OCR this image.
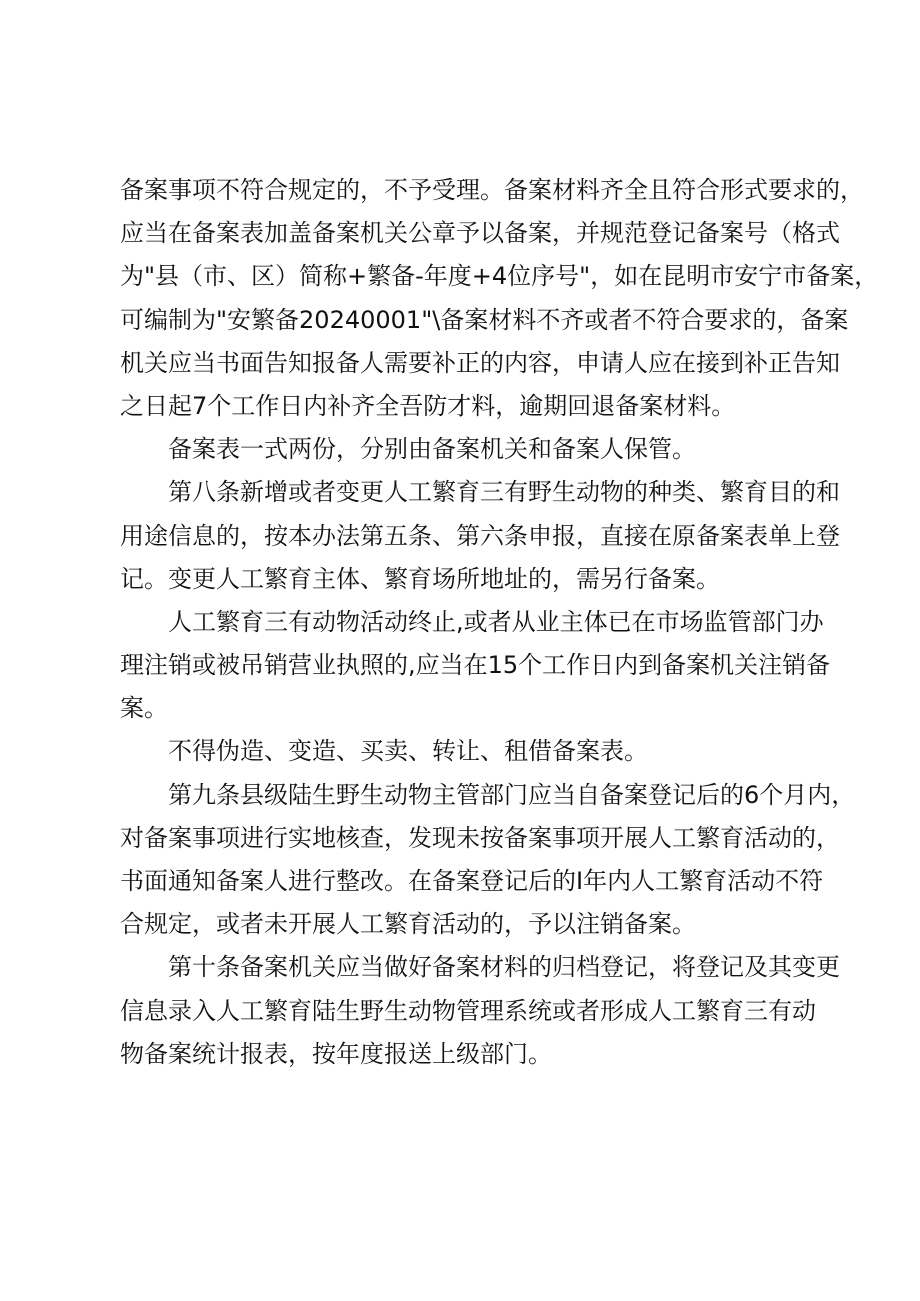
备案事项不符合规定的，不予受理。备案材料齐全且符合形式要求的，
应当在备案表加盖备案机关公章予以备案，并规范登记备案号（格式
为"县（市、区）简称+繁备-年度+4位序号"，如在昆明市安宁市备案，
可编制为"安繁备20240001"\备案材料不齐或者不符合要求的，备案
机关应当书面告知报备人需要补正的内容，申请人应在接到补正告知
之日起7个工作日内补齐全吾防才料，逾期回退备案材料。
备案表一式两份，分别由备案机关和备案人保管。
第八条新增或者变更人工繁育三有野生动物的种类、繁育目的和
用途信息的，按本办法第五条、第六条申报，直接在原备案表单上登
记。变更人工繁育主体、繁育场所地址的，需另行备案。
人工繁育三有动物活动终止,或者从业主体已在市场监管部门办
理注销或被吊销营业执照的,应当在15个工作日内到备案机关注销备
案。
不得伪造、变造、买卖、转让、租借备案表。
第九条县级陆生野生动物主管部门应当自备案登记后的6个月内，
对备案事项进行实地核查，发现未按备案事项开展人工繁育活动的，
书面通知备案人进行整改。在备案登记后的I年内人工繁育活动不符
合规定，或者未开展人工繁育活动的，予以注销备案。
第十条备案机关应当做好备案材料的归档登记，将登记及其变更
信息录入人工繁育陆生野生动物管理系统或者形成人工繁育三有动
物备案统计报表，按年度报送上级部门。
